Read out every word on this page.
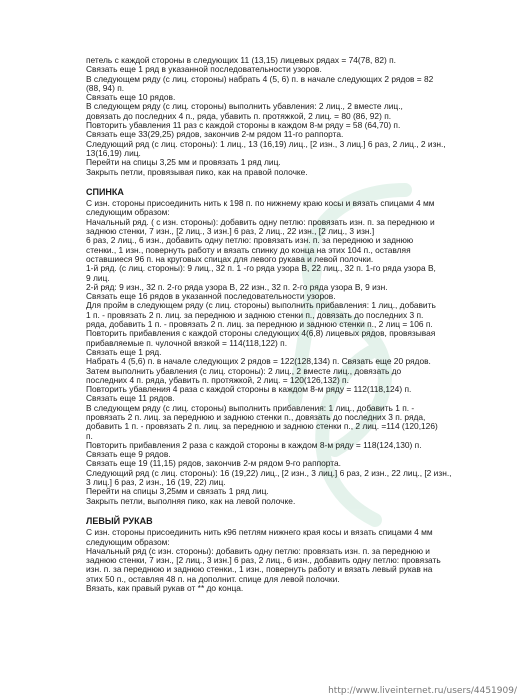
петель с каждой стороны в следующих 11 (13,15) лицевых рядах = 74(78, 82) п.
Связать еще 1 ряд в указанной последовательности узоров.
В следующем ряду (с лиц. стороны) набрать 4 (5, 6) п. в начале следующих 2 рядов = 82
(88, 94) п.
Связать еще 10 рядов.
В следующем ряду (с лиц. стороны) выполнить убавления: 2 лиц., 2 вместе лиц.,
довязать до последних 4 п., ряда, убавить п. протяжкой, 2 лиц. = 80 (86, 92) п.
Повторить убавления 11 раз с каждой стороны в каждом 8-м ряду = 58 (64,70) п.
Связать еще 33(29,25) рядов, закончив 2-м рядом 11-го раппорта.
Следующий ряд (с лиц. стороны): 1 лиц., 13 (16,19) лиц., [2 изн., 3 лиц.] 6 раз, 2 лиц., 2 изн.,
13(16,19) лиц.
Перейти на спицы 3,25 мм и провязать 1 ряд лиц.
Закрыть петли, провязывая пико, как на правой полочке.
СПИНКА
С изн. стороны присоединить нить к 198 п. по нижнему краю косы и вязать спицами 4 мм
следующим образом:
Начальный ряд. ( с изн. стороны): добавить одну петлю: провязать изн. п. за переднюю и
заднюю стенки, 7 изн., [2 лиц., 3 изн.] 6 раз, 2 лиц., 22 изн., [2 лиц., 3 изн.]
6 раз, 2 лиц., 6 изн., добавить одну петлю: провязать изн. п. за переднюю и заднюю
стенки., 1 изн., повернуть работу и вязать спинку до конца на этих 104 п., оставляя
оставшиеся 96 п. на круговых спицах для левого рукава и левой полочки.
1-й ряд. (с лиц. стороны): 9 лиц., 32 п. 1 -го ряда узора B, 22 лиц., 32 п. 1-го ряда узора B,
9 лиц.
2-й ряд: 9 изн., 32 п. 2-го ряда узора B, 22 изн., 32 п. 2-го ряда узора B, 9 изн.
Связать еще 16 рядов в указанной последовательности узоров.
Для пройм в следующем ряду (с лиц. стороны) выполнить прибавления: 1 лиц., добавить
1 п. - провязать 2 п. лиц. за переднюю и заднюю стенки п., довязать до последних 3 п.
ряда, добавить 1 п. - провязать 2 п. лиц. за переднюю и заднюю стенки п., 2 лиц = 106 п.
Повторить прибавления с каждой стороны следующих 4(6,8) лицевых рядов, провязывая
прибавляемые п. чулочной вязкой = 114(118,122) п.
Связать еще 1 ряд.
Набрать 4 (5,6) п. в начале следующих 2 рядов = 122(128,134) п. Связать еще 20 рядов.
Затем выполнить убавления (с лиц. стороны): 2 лиц., 2 вместе лиц., довязать до
последних 4 п. ряда, убавить п. протяжкой, 2 лиц. = 120(126,132) п.
Повторить убавления 4 раза с каждой стороны в каждом 8-м ряду = 112(118,124) п.
Связать еще 11 рядов.
В следующем ряду (с лиц. стороны) выполнить прибавления: 1 лиц., добавить 1 п. -
провязать 2 п. лиц. за переднюю и заднюю стенки п., довязать до последних 3 п. ряда,
добавить 1 п. - провязать 2 п. лиц. за переднюю и заднюю стенки п., 2 лиц. =114 (120,126)
п.
Повторить прибавления 2 раза с каждой стороны в каждом 8-м ряду = 118(124,130) п.
Связать еще 9 рядов.
Связать еще 19 (11,15) рядов, закончив 2-м рядом 9-го раппорта.
Следующий ряд (с лиц. стороны): 16 (19,22) лиц., [2 изн., 3 лиц.] 6 раз, 2 изн., 22 лиц., [2 изн.,
3 лиц.] 6 раз, 2 изн., 16 (19, 22) лиц.
Перейти на спицы 3,25мм и связать 1 ряд лиц.
Закрыть петли, выполняя пико, как на левой полочке.
ЛЕВЫЙ РУКАВ
С изн. стороны присоединить нить к96 петлям нижнего края косы и вязать спицами 4 мм
следующим образом:
Начальный ряд (с изн. стороны): добавить одну петлю: провязать изн. п. за переднюю и
заднюю стенки, 7 изн., [2 лиц., 3 изн.] 6 раз, 2 лиц., 6 изн., добавить одну петлю: провязать
изн. п. за переднюю и заднюю стенки., 1 изн., повернуть работу и вязать левый рукав на
этих 50 п., оставляя 48 п. на дополнит. спице для левой полочки.
Вязать, как правый рукав от ** до конца.
http://www.liveinternet.ru/users/4451909/
